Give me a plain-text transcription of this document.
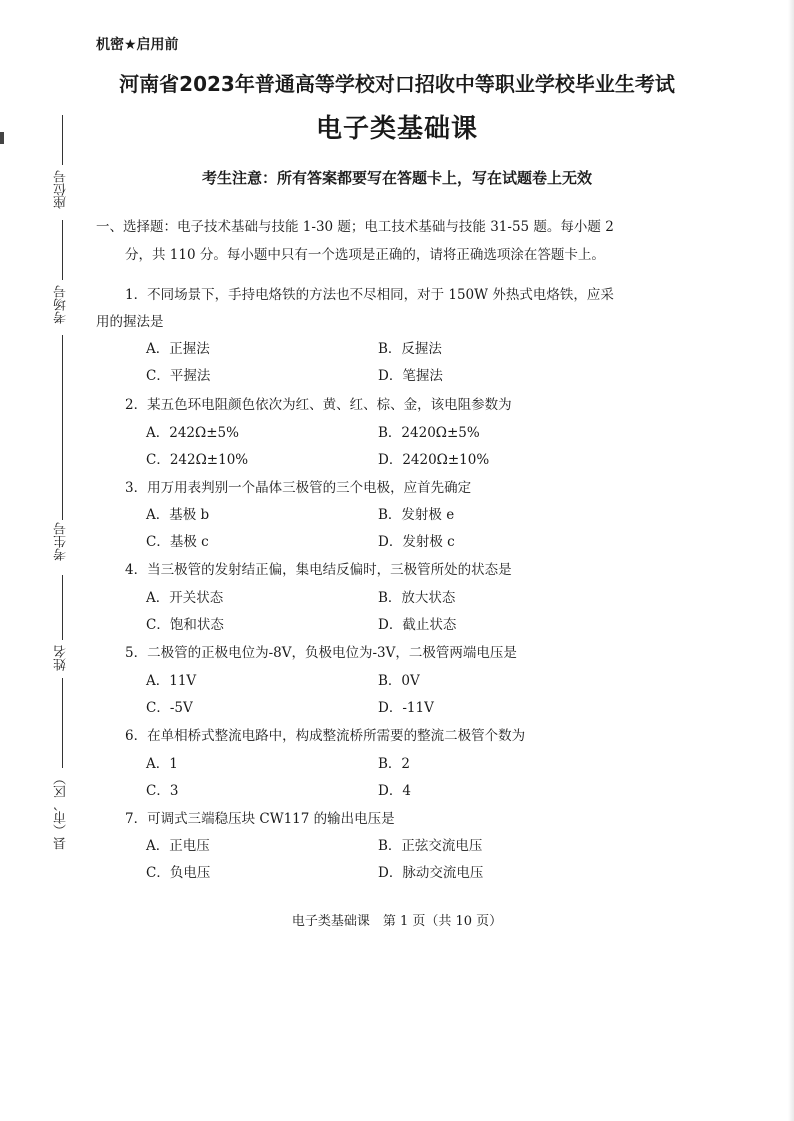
座位号
考场号
考生号
姓名
县（市、区）
机密★启用前
河南省2023年普通高等学校对口招收中等职业学校毕业生考试
电子类基础课
考生注意：所有答案都要写在答题卡上，写在试题卷上无效
一、选择题：电子技术基础与技能 1-30 题；电工技术基础与技能 31-55 题。每小题 2
分，共 110 分。每小题中只有一个选项是正确的，请将正确选项涂在答题卡上。
1．不同场景下，手持电烙铁的方法也不尽相同，对于 150W 外热式电烙铁，应采
用的握法是
A．正握法	B．反握法
C．平握法	D．笔握法
2．某五色环电阻颜色依次为红、黄、红、棕、金，该电阻参数为
A．242Ω±5%	B．2420Ω±5%
C．242Ω±10%	D．2420Ω±10%
3．用万用表判别一个晶体三极管的三个电极，应首先确定
A．基极 b	B．发射极 e
C．基极 c	D．发射极 c
4．当三极管的发射结正偏，集电结反偏时，三极管所处的状态是
A．开关状态	B．放大状态
C．饱和状态	D．截止状态
5．二极管的正极电位为-8V，负极电位为-3V，二极管两端电压是
A．11V	B．0V
C．-5V	D．-11V
6．在单相桥式整流电路中，构成整流桥所需要的整流二极管个数为
A．1	B．2
C．3	D．4
7．可调式三端稳压块 CW117 的输出电压是
A．正电压	B．正弦交流电压
C．负电压	D．脉动交流电压
电子类基础课　第 1 页（共 10 页）
